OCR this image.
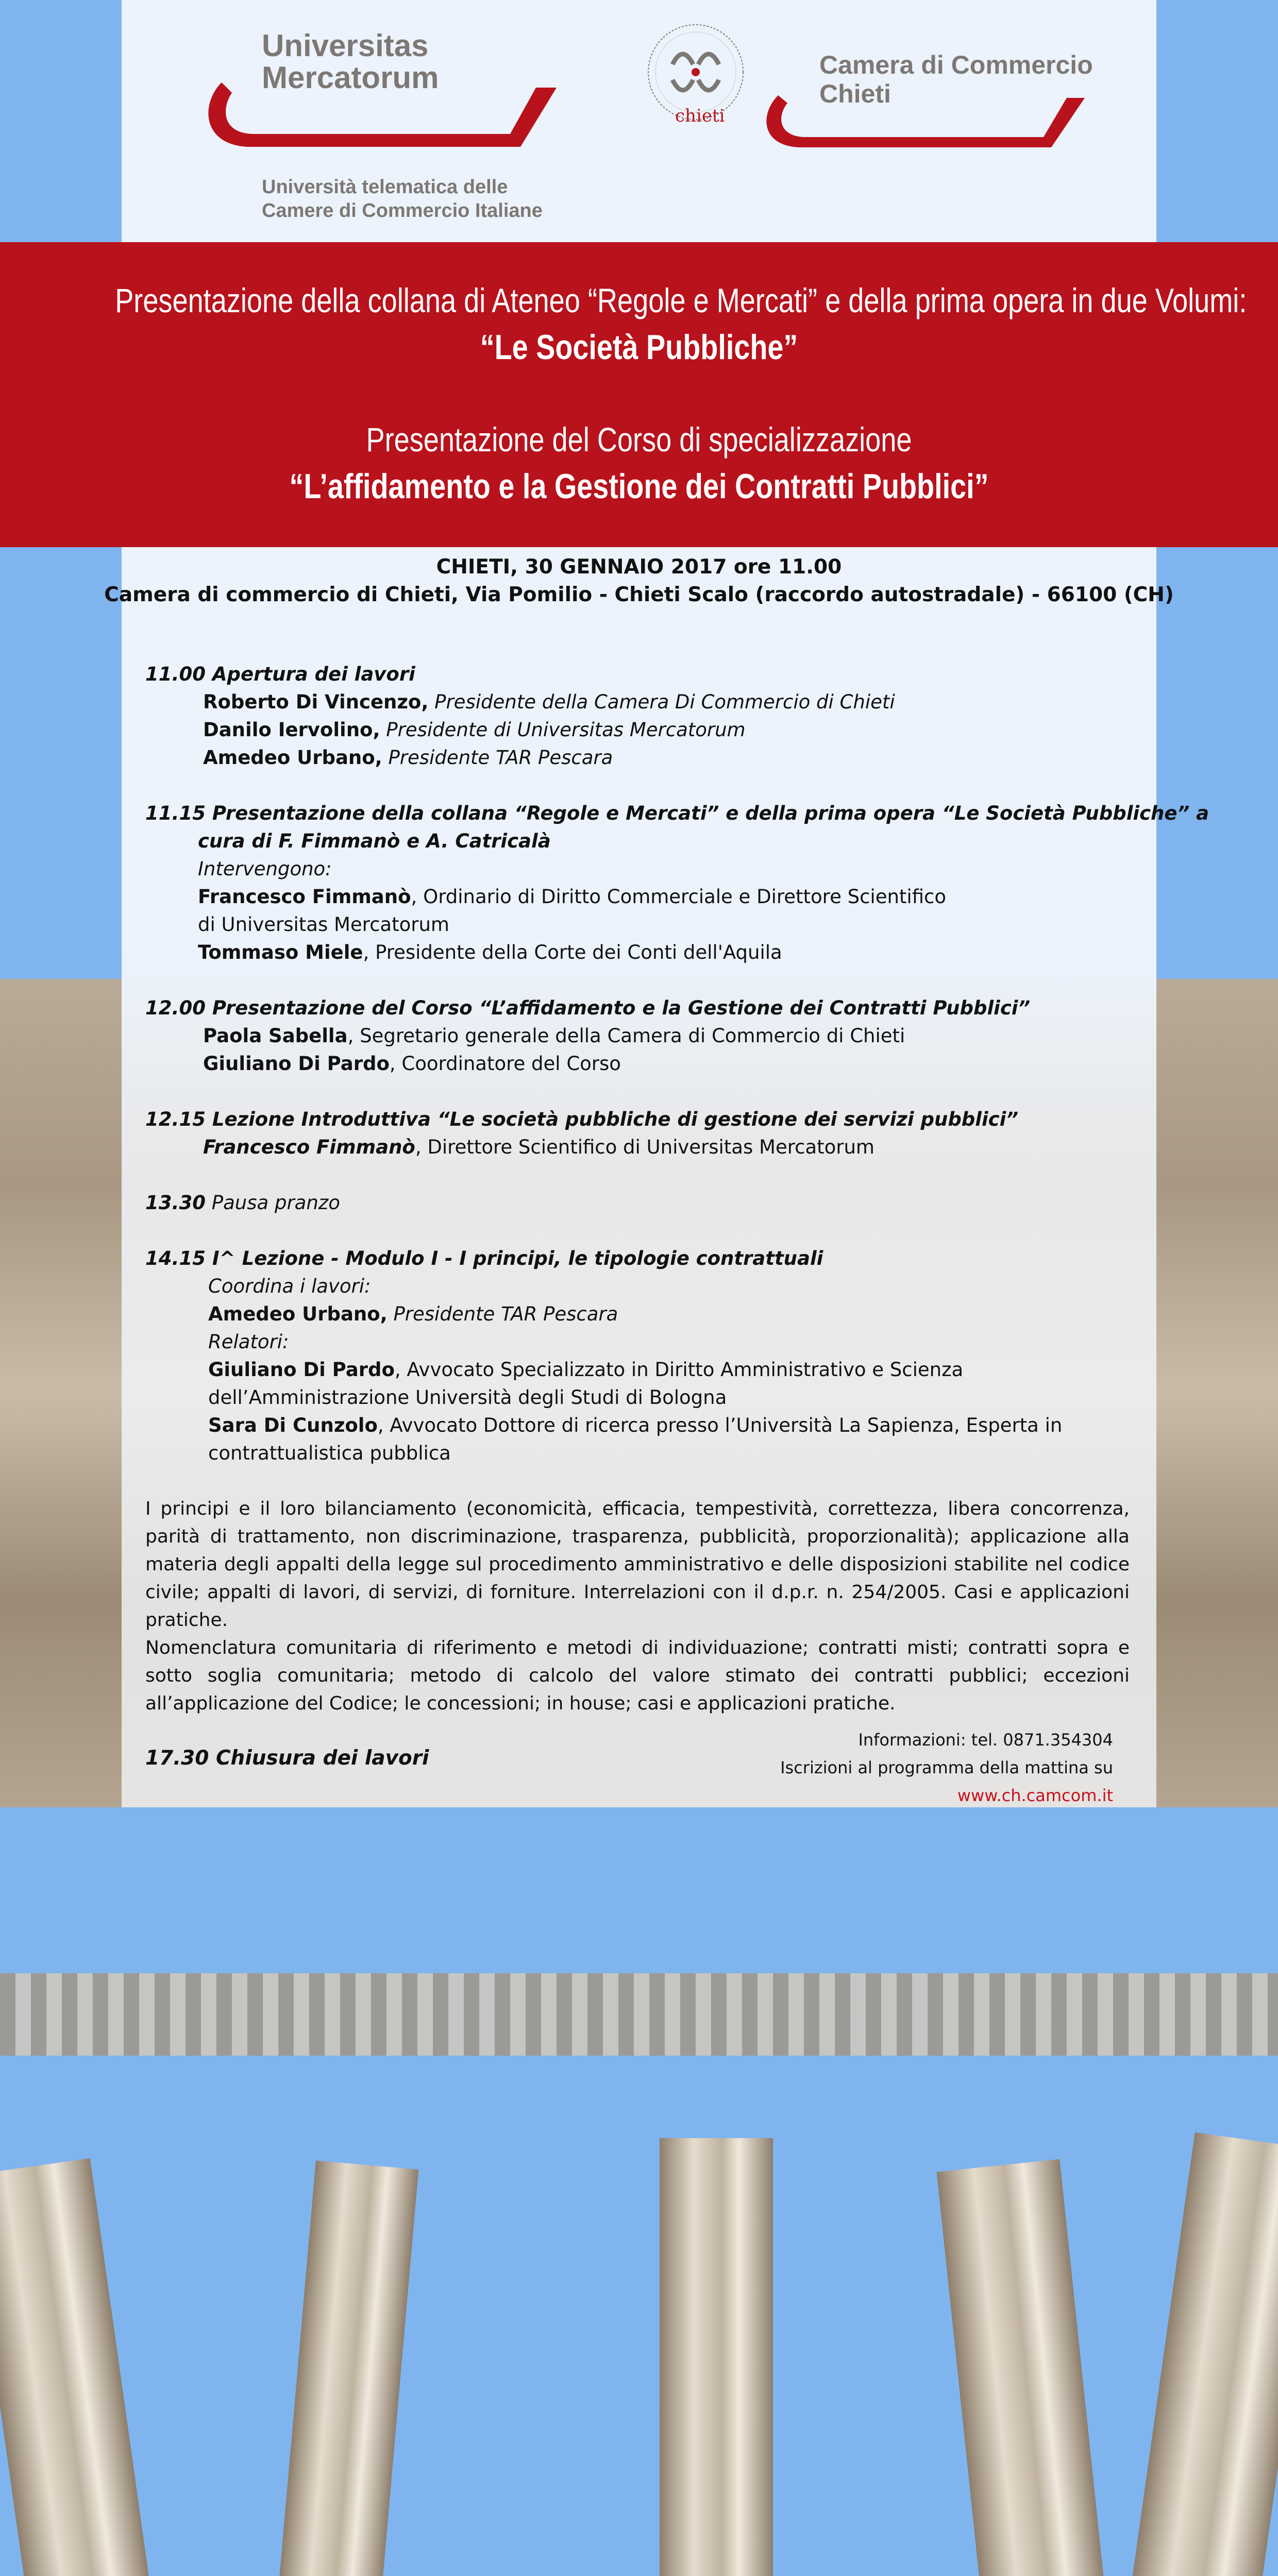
Universitas
Mercatorum
Università telematica delle
Camere di Commercio Italiane
chieti
Camera di Commercio
Chieti
Presentazione della collana di Ateneo “Regole e Mercati” e della prima opera in due Volumi:
“Le Società Pubbliche”
Presentazione del Corso di specializzazione
“L’affidamento e la Gestione dei Contratti Pubblici”
CHIETI, 30 GENNAIO 2017 ore 11.00
Camera di commercio di Chieti, Via Pomilio - Chieti Scalo (raccordo autostradale) - 66100 (CH)

11.00 Apertura dei lavori

Roberto Di Vincenzo, Presidente della Camera Di Commercio di Chieti

Danilo Iervolino, Presidente di Universitas Mercatorum

Amedeo Urbano, Presidente TAR Pescara

11.15 Presentazione della collana “Regole e Mercati” e della prima opera “Le Società Pubbliche” a

cura di F. Fimmanò e A. Catricalà

Intervengono:

Francesco Fimmanò, Ordinario di Diritto Commerciale e Direttore Scientifico

di Universitas Mercatorum

Tommaso Miele, Presidente della Corte dei Conti dell'Aquila

12.00 Presentazione del Corso “L’affidamento e la Gestione dei Contratti Pubblici”

Paola Sabella, Segretario generale della Camera di Commercio di Chieti

Giuliano Di Pardo, Coordinatore del Corso

12.15 Lezione Introduttiva “Le società pubbliche di gestione dei servizi pubblici”

Francesco Fimmanò, Direttore Scientifico di Universitas Mercatorum

13.30 Pausa pranzo

14.15 I^ Lezione - Modulo I - I principi, le tipologie contrattuali

Coordina i lavori:

Amedeo Urbano, Presidente TAR Pescara

Relatori:

Giuliano Di Pardo, Avvocato Specializzato in Diritto Amministrativo e Scienza

dell’Amministrazione Università degli Studi di Bologna

Sara Di Cunzolo, Avvocato Dottore di ricerca presso l’Università La Sapienza, Esperta in

contrattualistica pubblica

I principi e il loro bilanciamento (economicità, efficacia, tempestività, correttezza, libera concorrenza, parità di trattamento, non discriminazione, trasparenza, pubblicità, proporzionalità); applicazione alla materia degli appalti della legge sul procedimento amministrativo e delle disposizioni stabilite nel codice civile; appalti di lavori, di servizi, di forniture. Interrelazioni con il d.p.r. n. 254/2005. Casi e applicazioni pratiche.

Nomenclatura comunitaria di riferimento e metodi di individuazione; contratti misti; contratti sopra e sotto soglia comunitaria; metodo di calcolo del valore stimato dei contratti pubblici; eccezioni all’applicazione del Codice; le concessioni; in house; casi e applicazioni pratiche.

17.30 Chiusura dei lavori
Informazioni: tel. 0871.354304
Iscrizioni al programma della mattina su
www.ch.camcom.it
